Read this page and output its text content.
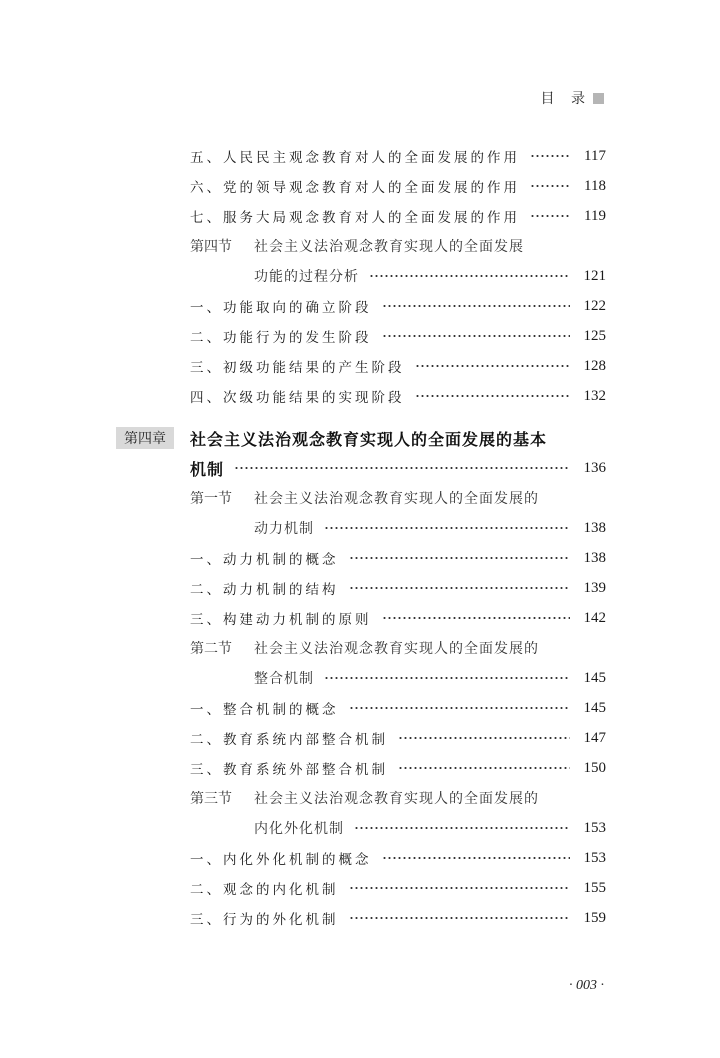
目 录
五、人民民主观念教育对人的全面发展的作用	117
六、党的领导观念教育对人的全面发展的作用	118
七、服务大局观念教育对人的全面发展的作用	119
第四节	社会主义法治观念教育实现人的全面发展
功能的过程分析	121
一、功能取向的确立阶段	122
二、功能行为的发生阶段	125
三、初级功能结果的产生阶段	128
四、次级功能结果的实现阶段	132
第四章	社会主义法治观念教育实现人的全面发展的基本
机制	136
第一节	社会主义法治观念教育实现人的全面发展的
动力机制	138
一、动力机制的概念	138
二、动力机制的结构	139
三、构建动力机制的原则	142
第二节	社会主义法治观念教育实现人的全面发展的
整合机制	145
一、整合机制的概念	145
二、教育系统内部整合机制	147
三、教育系统外部整合机制	150
第三节	社会主义法治观念教育实现人的全面发展的
内化外化机制	153
一、内化外化机制的概念	153
二、观念的内化机制	155
三、行为的外化机制	159
· 003 ·
